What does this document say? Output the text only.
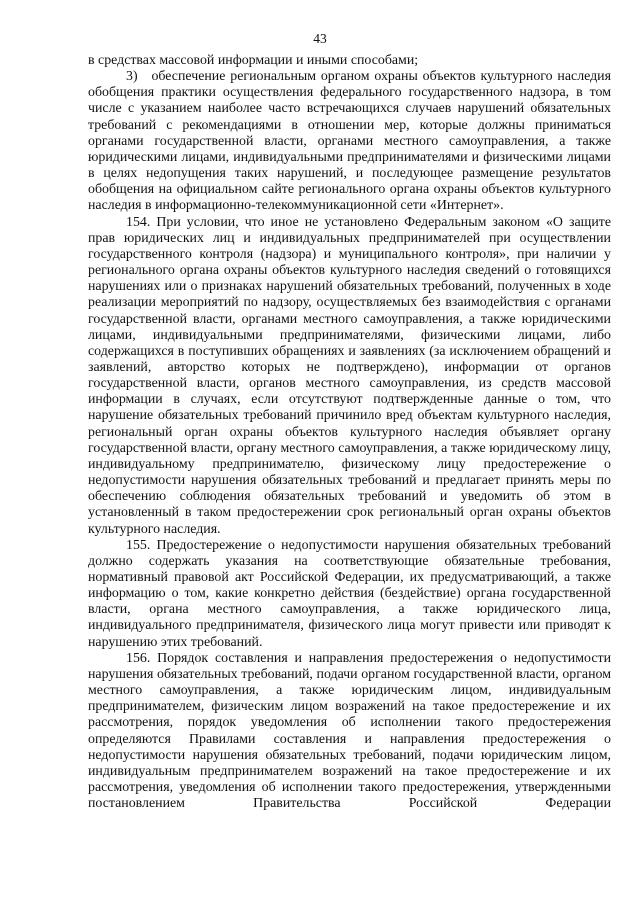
43

в средствах массовой информации и иными способами;

3) обеспечение региональным органом охраны объектов культурного наследия обобщения практики осуществления федерального государственного надзора, в том числе с указанием наиболее часто встречающихся случаев нарушений обязательных требований с рекомендациями в отношении мер, которые должны приниматься органами государственной власти, органами местного самоуправления, а также юридическими лицами, индивидуальными предпринимателями и физическими лицами в целях недопущения таких нарушений, и последующее размещение результатов обобщения на официальном сайте регионального органа охраны объектов культурного наследия в информационно-телекоммуникационной сети «Интернет».

154. При условии, что иное не установлено Федеральным законом «О защите прав юридических лиц и индивидуальных предпринимателей при осуществлении государственного контроля (надзора) и муниципального контроля», при наличии у регионального органа охраны объектов культурного наследия сведений о готовящихся нарушениях или о признаках нарушений обязательных требований, полученных в ходе реализации мероприятий по надзору, осуществляемых без взаимодействия с органами государственной власти, органами местного самоуправления, а также юридическими лицами, индивидуальными предпринимателями, физическими лицами, либо содержащихся в поступивших обращениях и заявлениях (за исключением обращений и заявлений, авторство которых не подтверждено), информации от органов государственной власти, органов местного самоуправления, из средств массовой информации в случаях, если отсутствуют подтвержденные данные о том, что нарушение обязательных требований причинило вред объектам культурного наследия, региональный орган охраны объектов культурного наследия объявляет органу государственной власти, органу местного самоуправления, а также юридическому лицу, индивидуальному предпринимателю, физическому лицу предостережение о недопустимости нарушения обязательных требований и предлагает принять меры по обеспечению соблюдения обязательных требований и уведомить об этом в установленный в таком предостережении срок региональный орган охраны объектов культурного наследия.

155. Предостережение о недопустимости нарушения обязательных требований должно содержать указания на соответствующие обязательные требования, нормативный правовой акт Российской Федерации, их предусматривающий, а также информацию о том, какие конкретно действия (бездействие) органа государственной власти, органа местного самоуправления, а также юридического лица, индивидуального предпринимателя, физического лица могут привести или приводят к нарушению этих требований.

156. Порядок составления и направления предостережения о недопустимости нарушения обязательных требований, подачи органом государственной власти, органом местного самоуправления, а также юридическим лицом, индивидуальным предпринимателем, физическим лицом возражений на такое предостережение и их рассмотрения, порядок уведомления об исполнении такого предостережения определяются Правилами составления и направления предостережения о недопустимости нарушения обязательных требований, подачи юридическим лицом, индивидуальным предпринимателем возражений на такое предостережение и их рассмотрения, уведомления об исполнении такого предостережения, утвержденными постановлением Правительства Российской Федерации
